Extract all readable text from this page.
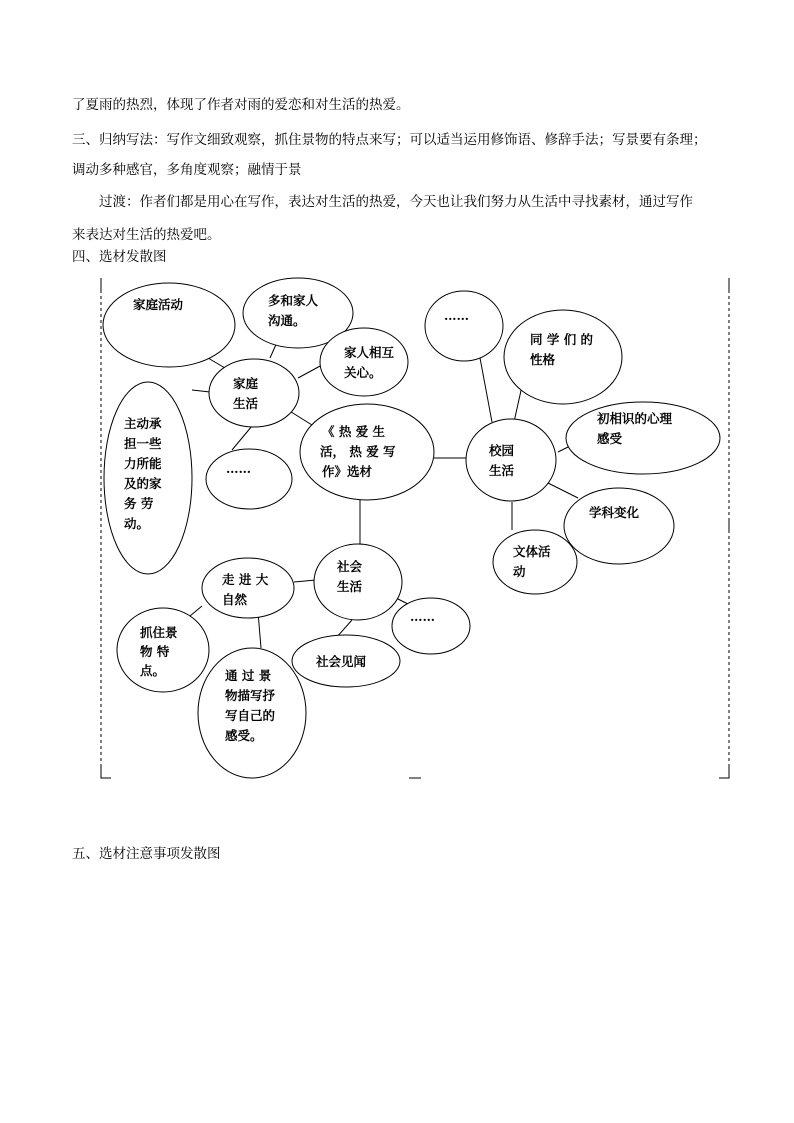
了夏雨的热烈，体现了作者对雨的爱恋和对生活的热爱。

三、归纳写法：写作文细致观察，抓住景物的特点来写；可以适当运用修饰语、修辞手法；写景要有条理；

调动多种感官，多角度观察；融情于景

过渡：作者们都是用心在写作，表达对生活的热爱，今天也让我们努力从生活中寻找素材，通过写作

来表达对生活的热爱吧。

四、选材发散图

五、选材注意事项发散图

《 热 爱 生
活， 热 爱 写
作》选材
家庭
生活
家庭活动	多和家人
沟通。
家人相互
关心。
主动承
担一些
力所能
及的家
务 劳
动。
……
校园
生活
……
同 学 们 的
性格
初相识的心理
感受
学科变化
文体活
动
社会
生活
走 进 大
自然
抓住景
物 特
点。	通 过 景
物描写抒
写自己的
感受。
社会见闻
……
